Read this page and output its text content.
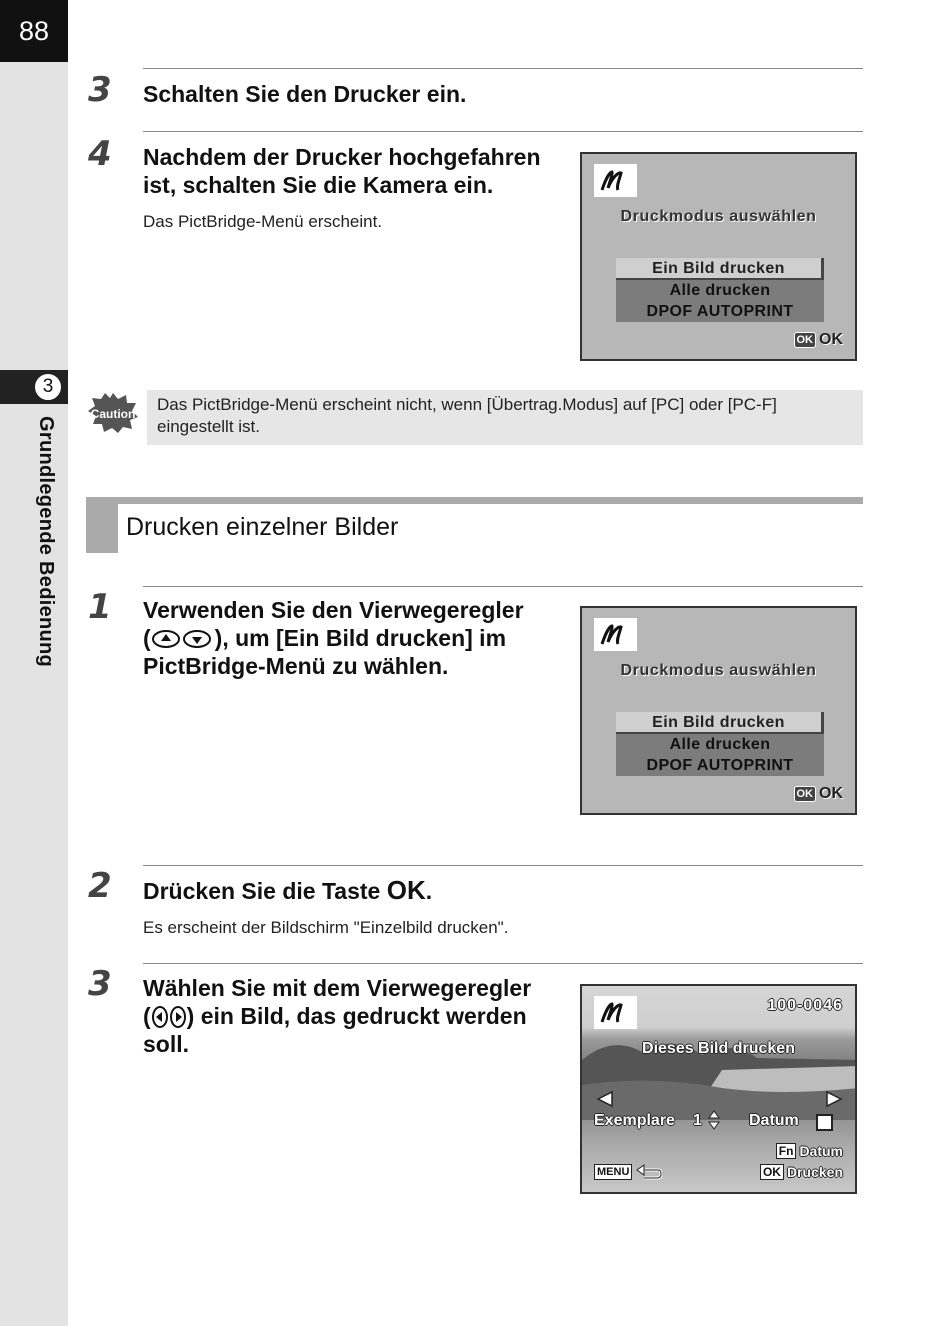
88
3
Grundlegende Bedienung
3 Schalten Sie den Drucker ein.
4 Nachdem der Drucker hochgefahren
ist, schalten Sie die Kamera ein.
Das PictBridge-Menü erscheint.	Druckmodus auswählen
Ein Bild drucken
Alle drucken
DPOF AUTOPRINT
OK OK
Caution Das PictBridge-Menü erscheint nicht, wenn [Übertrag.Modus] auf [PC] oder [PC-F]
eingestellt ist.
Drucken einzelner Bilder
1 Verwenden Sie den Vierwegeregler
(	), um [Ein Bild drucken] im
PictBridge-Menü zu wählen.	Druckmodus auswählen
Ein Bild drucken
Alle drucken
DPOF AUTOPRINT
OK OK
2 Drücken Sie die Taste OK.
Es erscheint der Bildschirm "Einzelbild drucken".
3 Wählen Sie mit dem Vierwegeregler
( ) ein Bild, das gedruckt werden
soll.
100-0046
Dieses Bild drucken
Exemplare 1	Datum
Fn Datum
OK Drucken
MENU
